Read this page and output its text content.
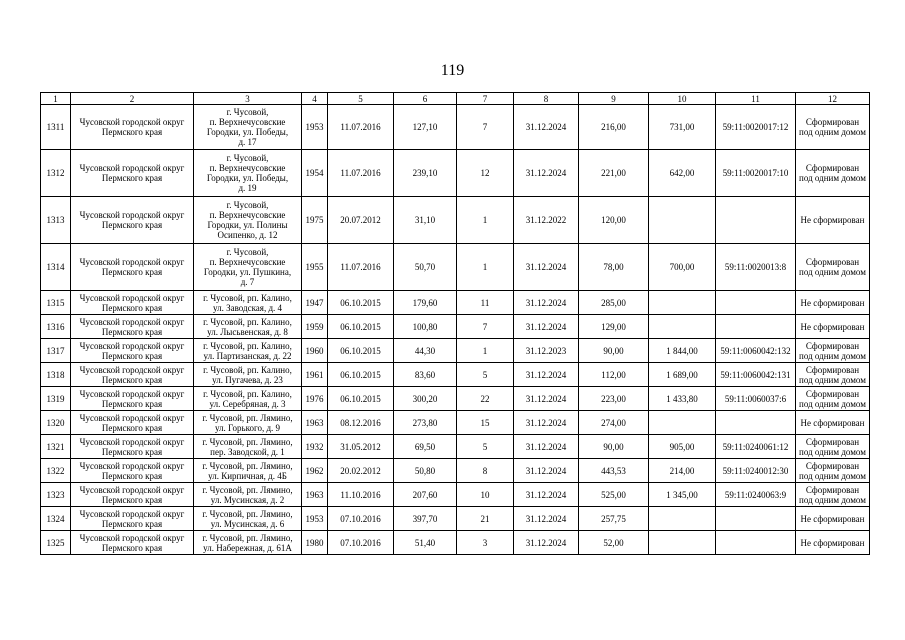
119
1	2	3	4	5	6	7	8	9	10	11	12
1311	Чусовской городской округ
Пермского края	г. Чусовой,
п. Верхнечусовские
Городки, ул. Победы,
д. 17	1953	11.07.2016	127,10	7	31.12.2024	216,00	731,00	59:11:0020017:12	Сформирован
под одним домом
1312	Чусовской городской округ
Пермского края	г. Чусовой,
п. Верхнечусовские
Городки, ул. Победы,
д. 19	1954	11.07.2016	239,10	12	31.12.2024	221,00	642,00	59:11:0020017:10	Сформирован
под одним домом
1313	Чусовской городской округ
Пермского края	г. Чусовой,
п. Верхнечусовские
Городки, ул. Полины
Осипенко, д. 12	1975	20.07.2012	31,10	1	31.12.2022	120,00			Не сформирован
1314	Чусовской городской округ
Пермского края	г. Чусовой,
п. Верхнечусовские
Городки, ул. Пушкина,
д. 7	1955	11.07.2016	50,70	1	31.12.2024	78,00	700,00	59:11:0020013:8	Сформирован
под одним домом
1315	Чусовской городской округ
Пермского края	г. Чусовой, рп. Калино,
ул. Заводская, д. 4	1947	06.10.2015	179,60	11	31.12.2024	285,00			Не сформирован
1316	Чусовской городской округ
Пермского края	г. Чусовой, рп. Калино,
ул. Лысьвенская, д. 8	1959	06.10.2015	100,80	7	31.12.2024	129,00			Не сформирован
1317	Чусовской городской округ
Пермского края	г. Чусовой, рп. Калино,
ул. Партизанская, д. 22	1960	06.10.2015	44,30	1	31.12.2023	90,00	1 844,00	59:11:0060042:132	Сформирован
под одним домом
1318	Чусовской городской округ
Пермского края	г. Чусовой, рп. Калино,
ул. Пугачева, д. 23	1961	06.10.2015	83,60	5	31.12.2024	112,00	1 689,00	59:11:0060042:131	Сформирован
под одним домом
1319	Чусовской городской округ
Пермского края	г. Чусовой, рп. Калино,
ул. Серебряная, д. 3	1976	06.10.2015	300,20	22	31.12.2024	223,00	1 433,80	59:11:0060037:6	Сформирован
под одним домом
1320	Чусовской городской округ
Пермского края	г. Чусовой, рп. Лямино,
ул. Горького, д. 9	1963	08.12.2016	273,80	15	31.12.2024	274,00			Не сформирован
1321	Чусовской городской округ
Пермского края	г. Чусовой, рп. Лямино,
пер. Заводской, д. 1	1932	31.05.2012	69,50	5	31.12.2024	90,00	905,00	59:11:0240061:12	Сформирован
под одним домом
1322	Чусовской городской округ
Пермского края	г. Чусовой, рп. Лямино,
ул. Кирпичная, д. 4Б	1962	20.02.2012	50,80	8	31.12.2024	443,53	214,00	59:11:0240012:30	Сформирован
под одним домом
1323	Чусовской городской округ
Пермского края	г. Чусовой, рп. Лямино,
ул. Мусинская, д. 2	1963	11.10.2016	207,60	10	31.12.2024	525,00	1 345,00	59:11:0240063:9	Сформирован
под одним домом
1324	Чусовской городской округ
Пермского края	г. Чусовой, рп. Лямино,
ул. Мусинская, д. 6	1953	07.10.2016	397,70	21	31.12.2024	257,75			Не сформирован
1325	Чусовской городской округ
Пермского края	г. Чусовой, рп. Лямино,
ул. Набережная, д. 61А	1980	07.10.2016	51,40	3	31.12.2024	52,00			Не сформирован
